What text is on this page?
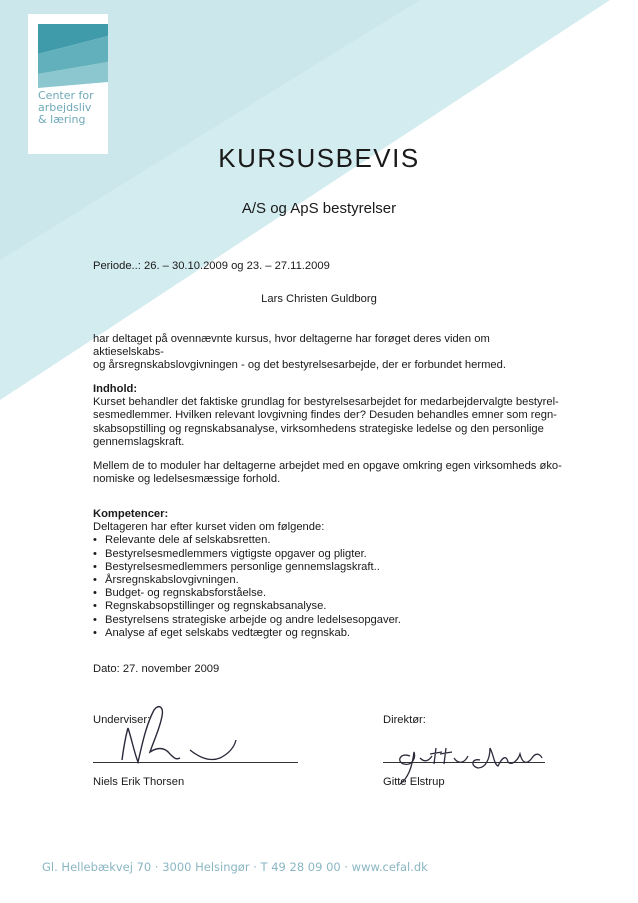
Center for
arbejdsliv
& læring
KURSUSBEVIS
A/S og ApS bestyrelser
Periode..: 26. – 30.10.2009 og 23. – 27.11.2009
Lars Christen Guldborg
har deltaget på ovennævnte kursus, hvor deltagerne har forøget deres viden om aktieselskabs-
og årsregnskabslovgivningen - og det bestyrelsesarbejde, der er forbundet hermed.
Indhold:
Kurset behandler det faktiske grundlag for bestyrelsesarbejdet for medarbejdervalgte bestyrel-
sesmedlemmer. Hvilken relevant lovgivning findes der? Desuden behandles emner som regn-
skabsopstilling og regnskabsanalyse, virksomhedens strategiske ledelse og den personlige
gennemslagskraft.
Mellem de to moduler har deltagerne arbejdet med en opgave omkring egen virksomheds øko-
nomiske og ledelsesmæssige forhold.
Kompetencer:
Deltageren har efter kurset viden om følgende:
• Relevante dele af selskabsretten.
• Bestyrelsesmedlemmers vigtigste opgaver og pligter.
• Bestyrelsesmedlemmers personlige gennemslagskraft..
• Årsregnskabslovgivningen.
• Budget- og regnskabsforståelse.
• Regnskabsopstillinger og regnskabsanalyse.
• Bestyrelsens strategiske arbejde og andre ledelsesopgaver.
• Analyse af eget selskabs vedtægter og regnskab.
Dato: 27. november 2009
Underviser:
Niels Erik Thorsen
Direktør:
Gitte Elstrup
Gl. Hellebækvej 70 · 3000 Helsingør · T 49 28 09 00 · www.cefal.dk
